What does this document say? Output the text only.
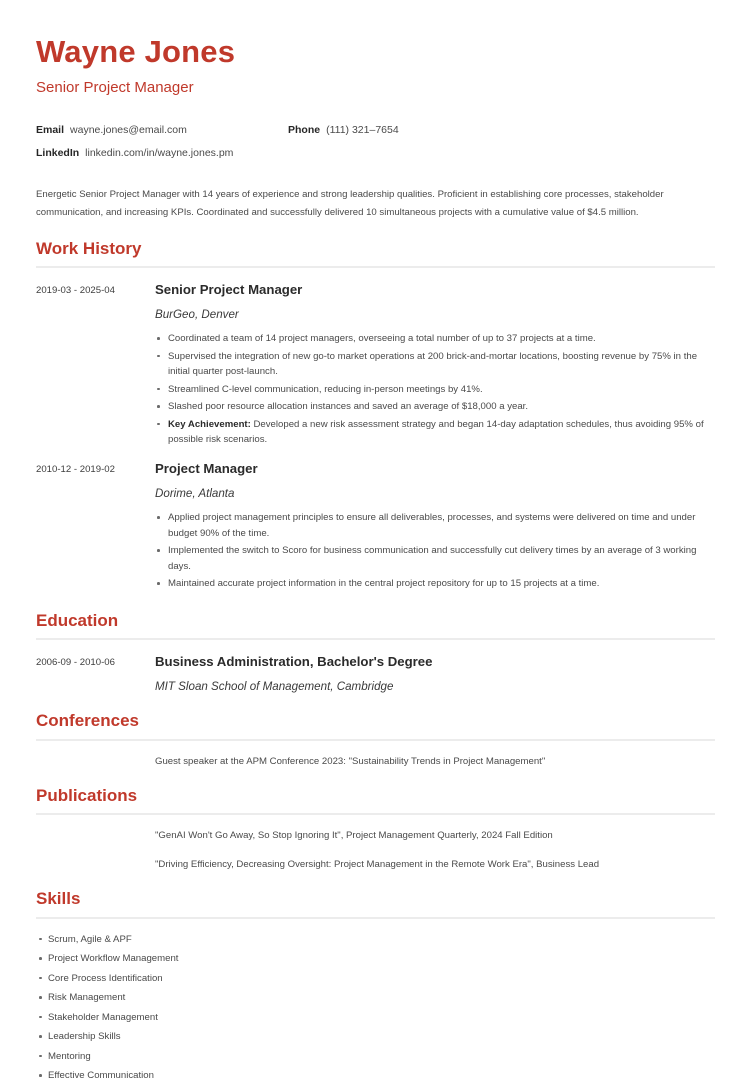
Wayne Jones
Senior Project Manager
Email wayne.jones@email.com	Phone (111) 321–7654
LinkedIn linkedin.com/in/wayne.jones.pm
Energetic Senior Project Manager with 14 years of experience and strong leadership qualities. Proficient in establishing core processes, stakeholder communication, and increasing KPIs. Coordinated and successfully delivered 10 simultaneous projects with a cumulative value of $4.5 million.
Work History
2019-03 - 2025-04	Senior Project Manager
BurGeo, Denver
Coordinated a team of 14 project managers, overseeing a total number of up to 37 projects at a time.
Supervised the integration of new go-to market operations at 200 brick-and-mortar locations, boosting revenue by 75% in the initial quarter post-launch.
Streamlined C-level communication, reducing in-person meetings by 41%.
Slashed poor resource allocation instances and saved an average of $18,000 a year.
Key Achievement: Developed a new risk assessment strategy and began 14-day adaptation schedules, thus avoiding 95% of possible risk scenarios.
2010-12 - 2019-02	Project Manager
Dorime, Atlanta
Applied project management principles to ensure all deliverables, processes, and systems were delivered on time and under budget 90% of the time.
Implemented the switch to Scoro for business communication and successfully cut delivery times by an average of 3 working days.
Maintained accurate project information in the central project repository for up to 15 projects at a time.
Education
2006-09 - 2010-06	Business Administration, Bachelor's Degree
MIT Sloan School of Management, Cambridge
Conferences
Guest speaker at the APM Conference 2023: "Sustainability Trends in Project Management"
Publications
"GenAI Won't Go Away, So Stop Ignoring It", Project Management Quarterly, 2024 Fall Edition
"Driving Efficiency, Decreasing Oversight: Project Management in the Remote Work Era", Business Lead
Skills
Scrum, Agile & APF
Project Workflow Management
Core Process Identification
Risk Management
Stakeholder Management
Leadership Skills
Mentoring
Effective Communication
